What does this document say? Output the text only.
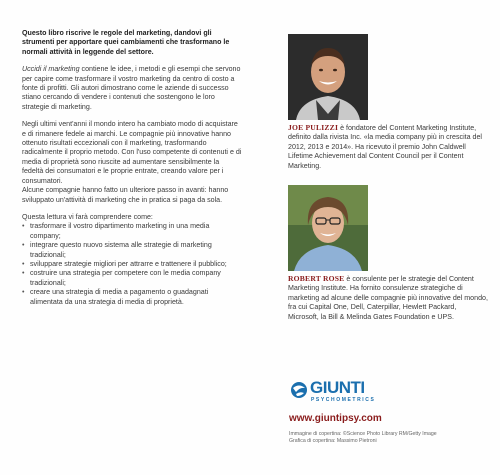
Questo libro riscrive le regole del marketing, dandovi gli strumenti per apportare quei cambiamenti che trasformano le normali attività in leggende del settore.

Uccidi il marketing contiene le idee, i metodi e gli esempi che servono per capire come trasformare il vostro marketing da centro di costo a fonte di profitti. Gli autori dimostrano come le aziende di successo stiano cercando di vendere i contenuti che sostengono le loro strategie di marketing.

Negli ultimi vent'anni il mondo intero ha cambiato modo di acquistare e di rimanere fedele ai marchi. Le compagnie più innovative hanno ottenuto risultati eccezionali con il marketing, trasformando radicalmente il proprio metodo. Con l'uso competente di contenuti e di media di proprietà sono riuscite ad aumentare sensibilmente la fedeltà dei consumatori e le proprie entrate, creando valore per i consumatori.

Alcune compagnie hanno fatto un ulteriore passo in avanti: hanno sviluppato un'attività di marketing che in pratica si paga da sola.

Questa lettura vi farà comprendere come:

• trasformare il vostro dipartimento marketing in una media company;
• integrare questo nuovo sistema alle strategie di marketing tradizionali;
• sviluppare strategie migliori per attrarre e trattenere il pubblico;
• costruire una strategia per competere con le media company tradizionali;
• creare una strategia di media a pagamento o guadagnati alimentata da una strategia di media di proprietà.
JOE PULIZZI è fondatore del Content Marketing Institute, definito dalla rivista Inc. «la media company più in crescita del 2012, 2013 e 2014». Ha ricevuto il premio John Caldwell Lifetime Achievement dal Content Council per il Content Marketing.
ROBERT ROSE è consulente per le strategie del Content Marketing Institute. Ha fornito consulenze strategiche di marketing ad alcune delle compagnie più innovative del mondo, fra cui Capital One, Dell, Caterpillar, Hewlett Packard, Microsoft, la Bill & Melinda Gates Foundation e UPS.
GIUNTI
PSYCHOMETRICS
www.giuntipsy.com
Immagine di copertina: ©Science Photo Library RM/Getty Image
Grafica di copertina: Massimo Pietroni
